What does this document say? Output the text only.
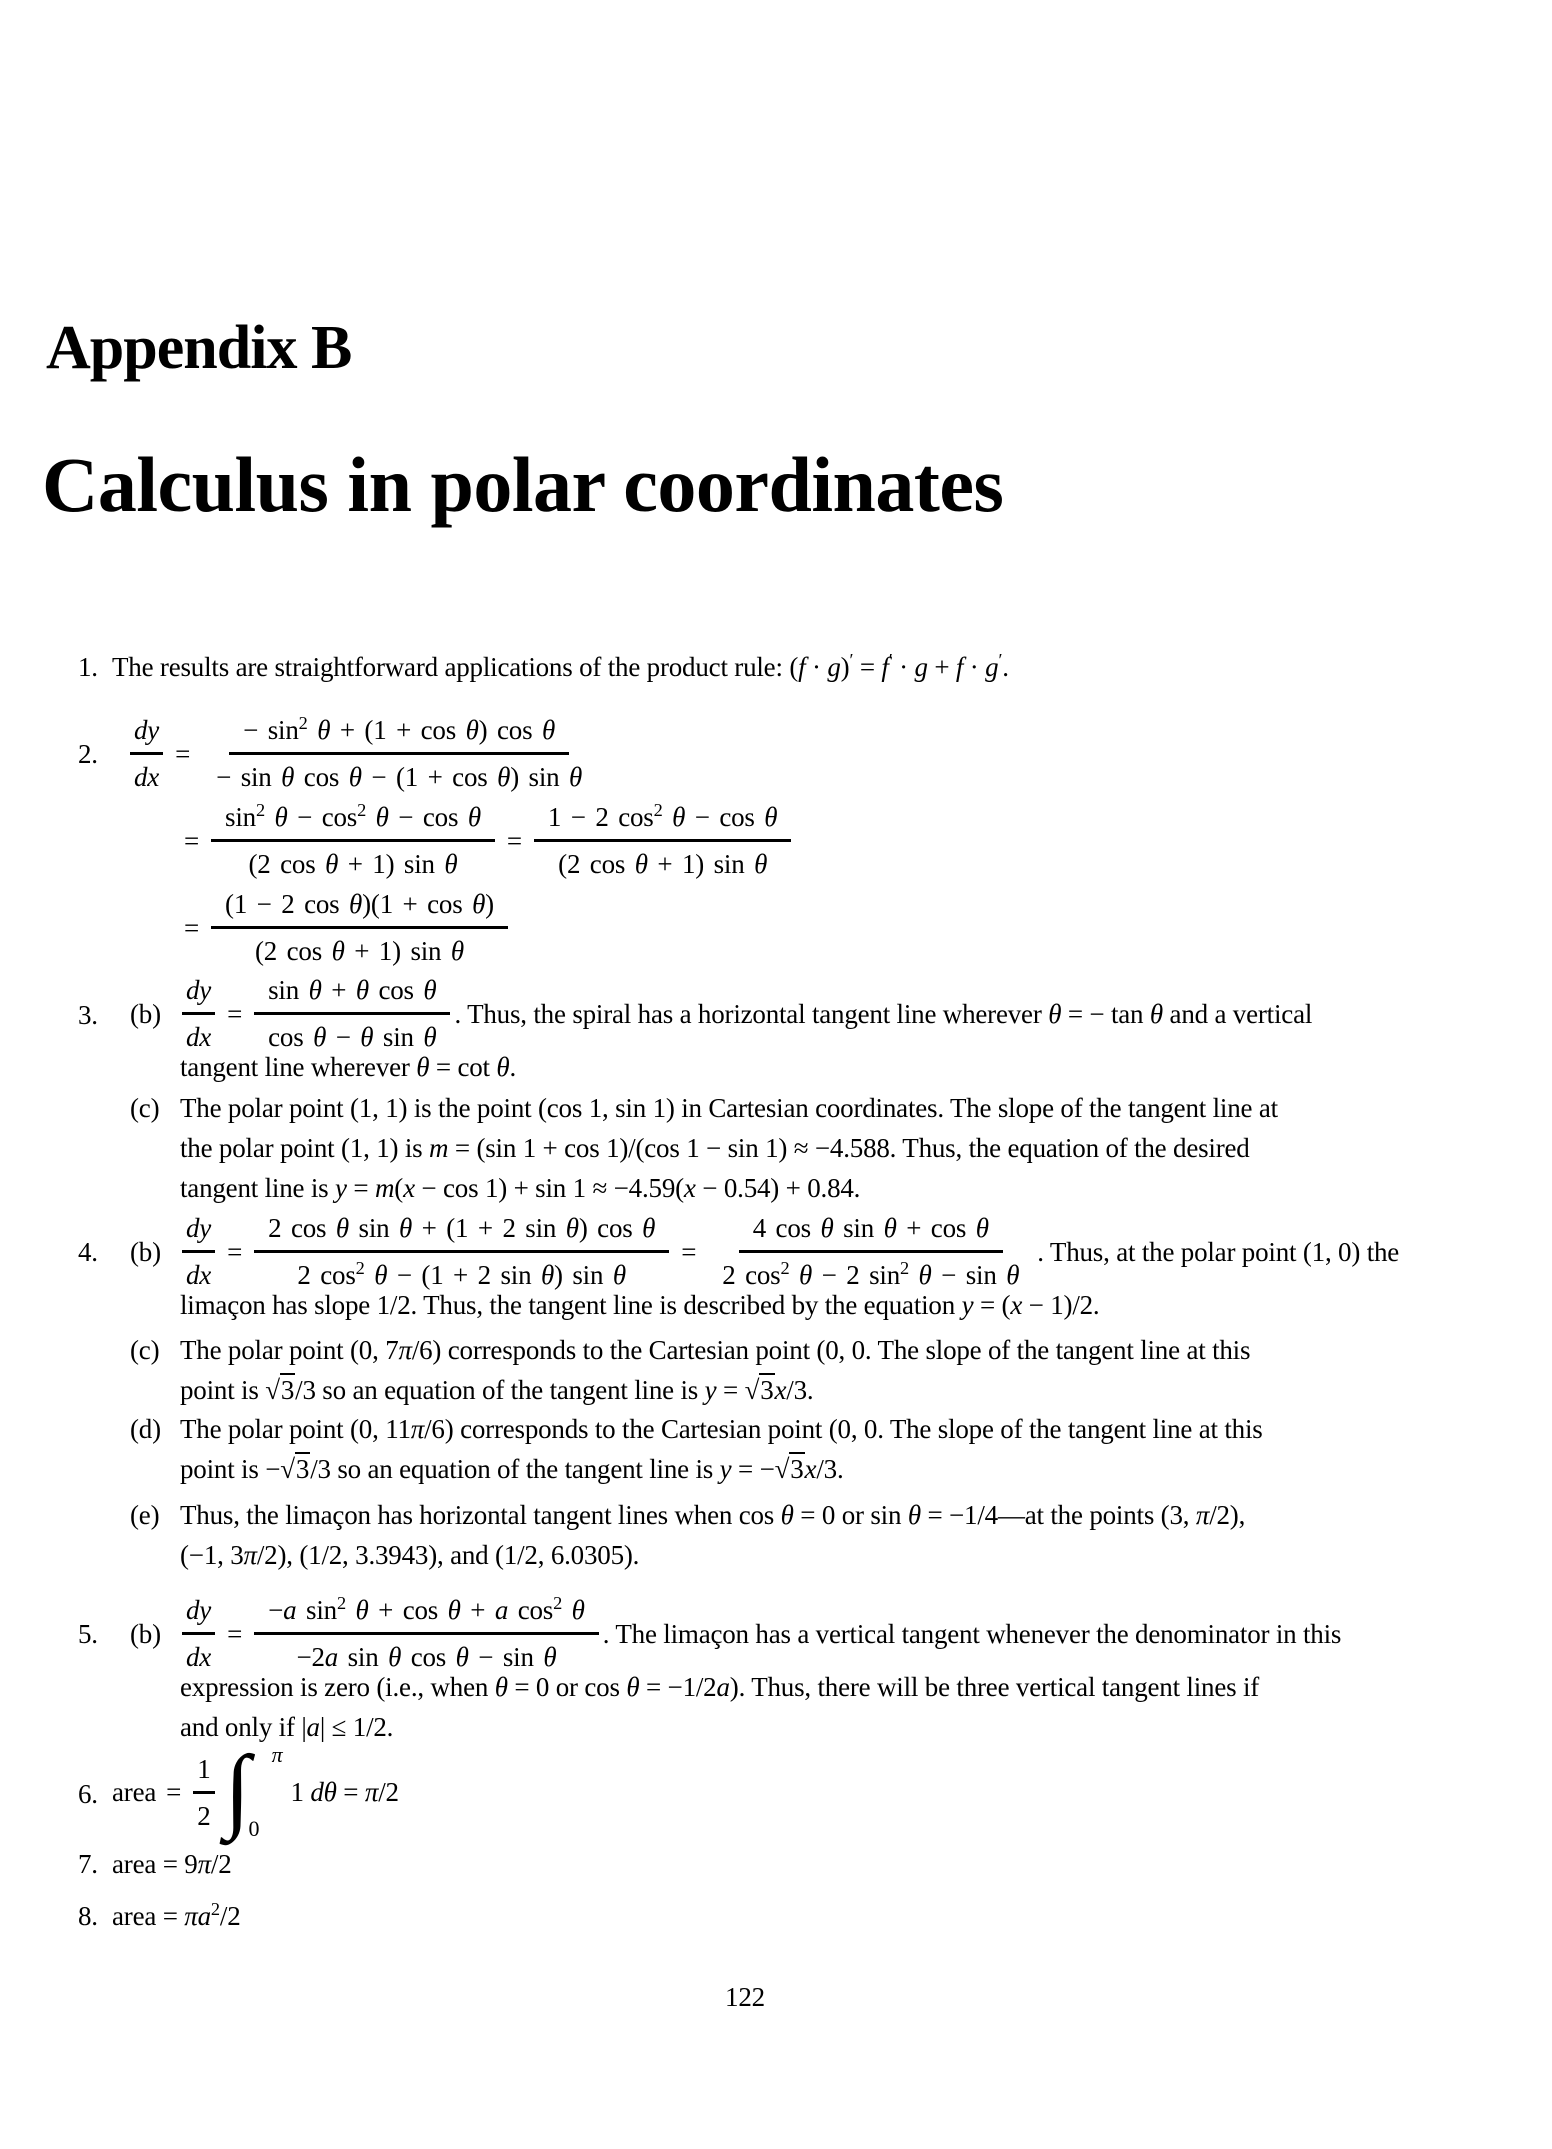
Appendix B
Calculus in polar coordinates
1. The results are straightforward applications of the product rule: (f · g)′ = f′ · g + f · g′.
2. $\frac{dy}{dx} = \frac{- \sin^2 \theta + (1 + \cos \theta) \cos \theta}{\text{− sin θ cos θ − (1 + cos θ) sin θ}}$
= $\frac{\sin^2 \theta - \cos^2 \theta - \cos \theta}{\text{(2 cos θ + 1) sin θ}} = \frac{1 - 2 \cos^2 \theta - \cos \theta}{\text{(2 cos θ + 1) sin θ}}$
= $\frac{\text{(1 − 2 cos θ)(1 + cos θ)}}{\text{(2 cos θ + 1) sin θ}}$
3. $(b) \frac{dy}{dx} = \frac{\text{sin θ + θ cos θ}}{\text{cos θ − θ sin θ}}$ . Thus, the spiral has a horizontal tangent line wherever θ = − tan θ and a vertical
tangent line wherever θ = cot θ.
(c) The polar point (1, 1) is the point (cos 1, sin 1) in Cartesian coordinates. The slope of the tangent line at
the polar point (1, 1) is m = (sin 1 + cos 1)/(cos 1 − sin 1) ≈ −4.588. Thus, the equation of the desired
tangent line is y = m(x − cos 1) + sin 1 ≈ −4.59(x − 0.54) + 0.84.
4. $(b) \frac{dy}{dx} = \frac{\text{2 cos θ sin θ + (1 + 2 sin θ) cos θ}}{2 \cos^2 \theta - (1 + 2 \sin \theta) \sin \theta} = \frac{\text{4 cos θ sin θ + cos θ}}{2 \cos^2 \theta - 2 \sin^2 \theta - \sin \theta}$ . Thus, at the polar point (1, 0) the
limaçon has slope 1/2. Thus, the tangent line is described by the equation y = (x − 1)/2.
(c) The polar point (0, 7π/6) corresponds to the Cartesian point (0, 0. The slope of the tangent line at this
point is √3/3 so an equation of the tangent line is y = √3x/3.
(d) The polar point (0, 11π/6) corresponds to the Cartesian point (0, 0. The slope of the tangent line at this
point is −√3/3 so an equation of the tangent line is y = −√3x/3.
(e) Thus, the limaçon has horizontal tangent lines when cos θ = 0 or sin θ = −1/4—at the points (3, π/2),
(−1, 3π/2), (1/2, 3.3943), and (1/2, 6.0305).
5. $(b) \frac{dy}{dx} = \frac{-a \sin^2 \theta + \cos \theta + a \cos^2 \theta}{\text{−2a sin θ cos θ − sin θ}}$ . The limaçon has a vertical tangent whenever the denominator in this
expression is zero (i.e., when θ = 0 or cos θ = −1/2a). Thus, there will be three vertical tangent lines if
and only if |a| ≤ 1/2.
6. area = $\frac{1}{2}$ ∫ π
0
1 dθ = π/2
7. area = 9π/2
8. area = $\pi a^2/2$
122
